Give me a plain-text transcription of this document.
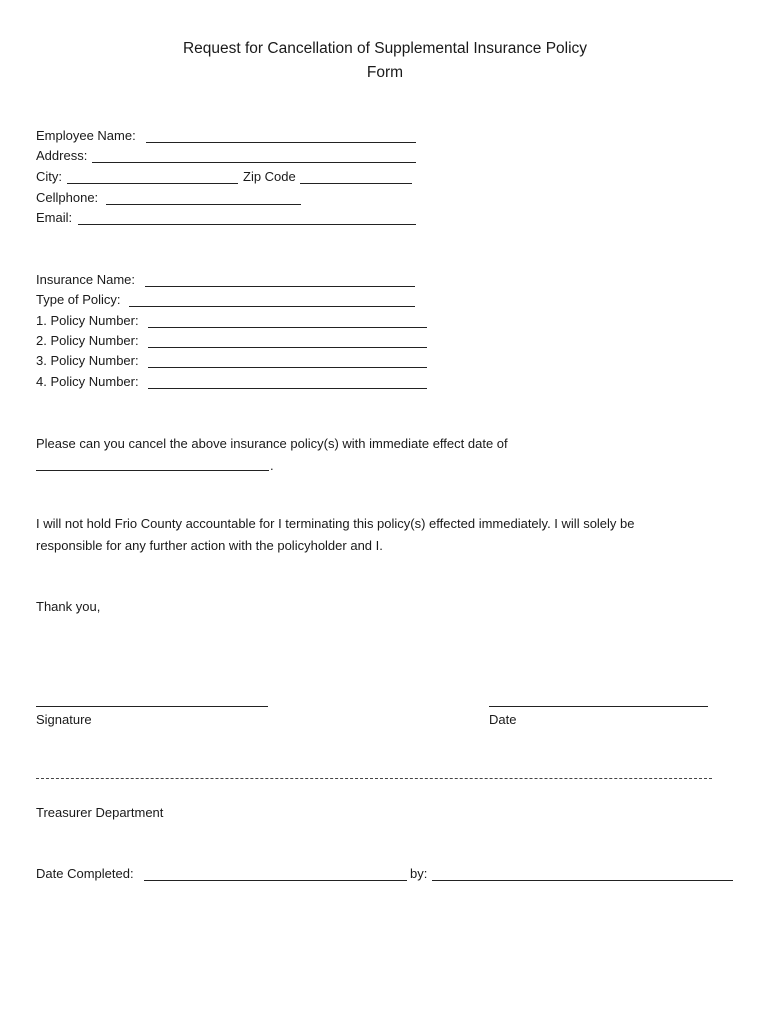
Request for Cancellation of Supplemental Insurance Policy
Form
Employee Name:
Address:
City:	Zip Code
Cellphone:
Email:
Insurance Name:
Type of Policy:
1. Policy Number:
2. Policy Number:
3. Policy Number:
4. Policy Number:
Please can you cancel the above insurance policy(s) with immediate effect date of
.
I will not hold Frio County accountable for I terminating this policy(s) effected immediately. I will solely be
responsible for any further action with the policyholder and I.
Thank you,
Signature	Date
Treasurer Department
Date Completed:	by:
